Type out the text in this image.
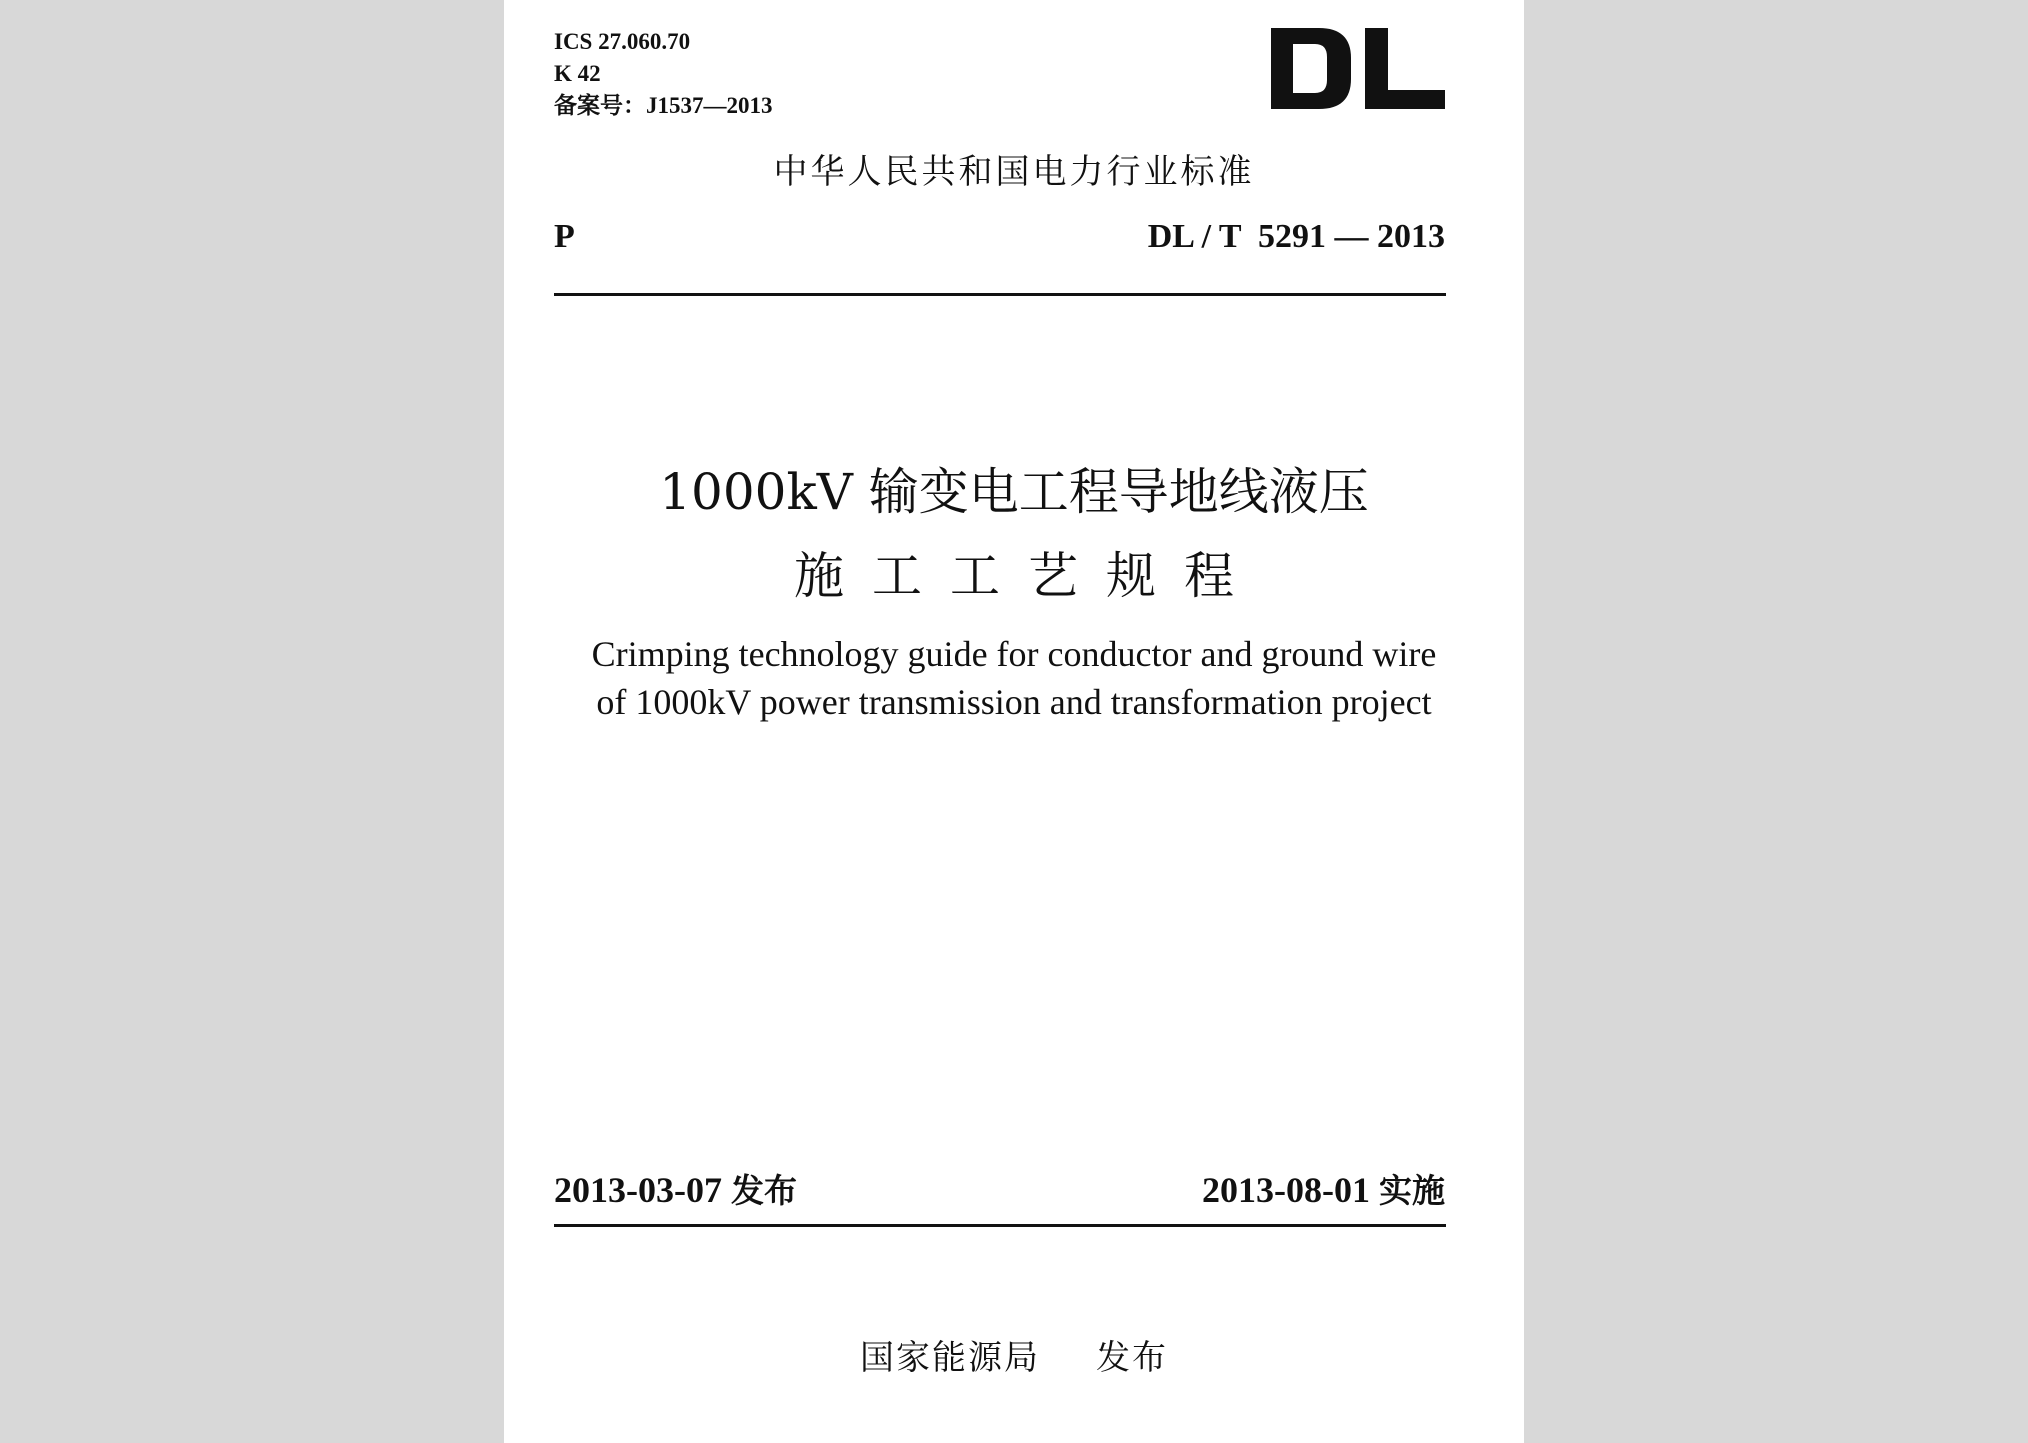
ICS 27.060.70
K 42
备案号：J1537—2013
中华人民共和国电力行业标准
P	DL / T  5291 — 2013
1000kV 输变电工程导地线液压
施工工艺规程
Crimping technology guide for conductor and ground wire
of 1000kV power transmission and transformation project
2013-03-07 发布	2013-08-01 实施
国家能源局 发布
